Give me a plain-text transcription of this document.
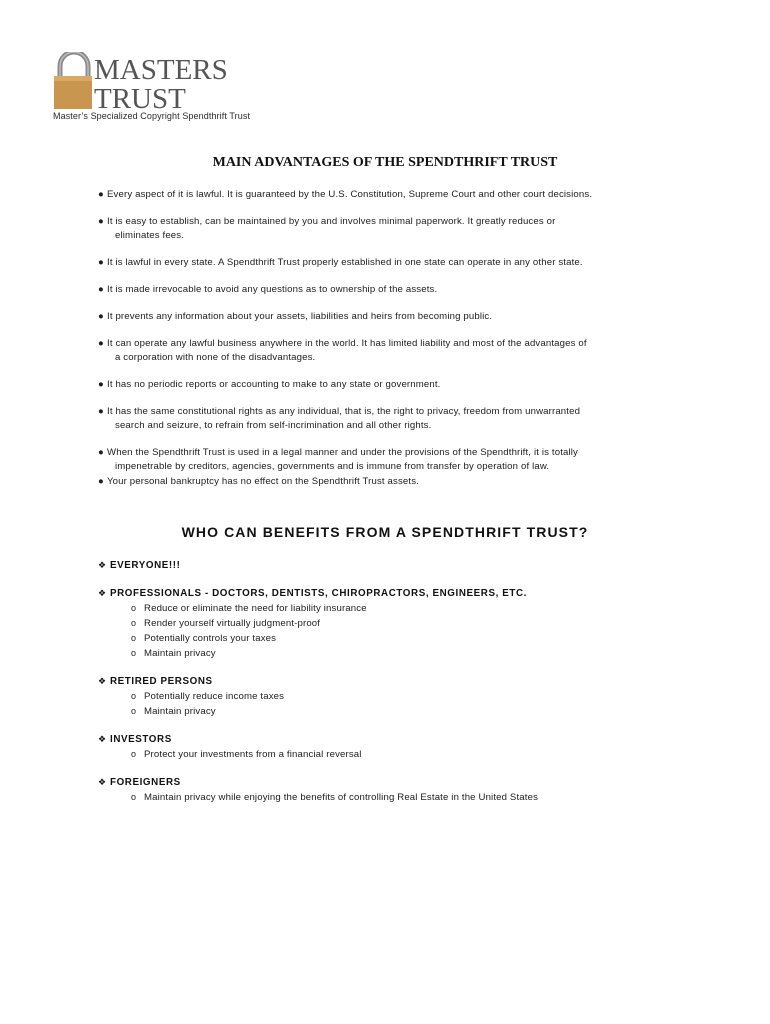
MASTERS
TRUST
Master’s Specialized Copyright Spendthrift Trust
MAIN ADVANTAGES OF THE SPENDTHRIFT TRUST
● Every aspect of it is lawful. It is guaranteed by the U.S. Constitution, Supreme Court and other court decisions.
● It is easy to establish, can be maintained by you and involves minimal paperwork. It greatly reduces or
eliminates fees.
● It is lawful in every state. A Spendthrift Trust properly established in one state can operate in any other state.
● It is made irrevocable to avoid any questions as to ownership of the assets.
● It prevents any information about your assets, liabilities and heirs from becoming public.
● It can operate any lawful business anywhere in the world. It has limited liability and most of the advantages of
a corporation with none of the disadvantages.
● It has no periodic reports or accounting to make to any state or government.
● It has the same constitutional rights as any individual, that is, the right to privacy, freedom from unwarranted
search and seizure, to refrain from self-incrimination and all other rights.
● When the Spendthrift Trust is used in a legal manner and under the provisions of the Spendthrift, it is totally
impenetrable by creditors, agencies, governments and is immune from transfer by operation of law.
● Your personal bankruptcy has no effect on the Spendthrift Trust assets.
WHO CAN BENEFITS FROM A SPENDTHRIFT TRUST?
❖ EVERYONE!!!
❖ PROFESSIONALS - DOCTORS, DENTISTS, CHIROPRACTORS, ENGINEERS, ETC.
o Reduce or eliminate the need for liability insurance
o Render yourself virtually judgment-proof
o Potentially controls your taxes
o Maintain privacy
❖ RETIRED PERSONS
o Potentially reduce income taxes
o Maintain privacy
❖ INVESTORS
o Protect your investments from a financial reversal
❖ FOREIGNERS
o Maintain privacy while enjoying the benefits of controlling Real Estate in the United States
